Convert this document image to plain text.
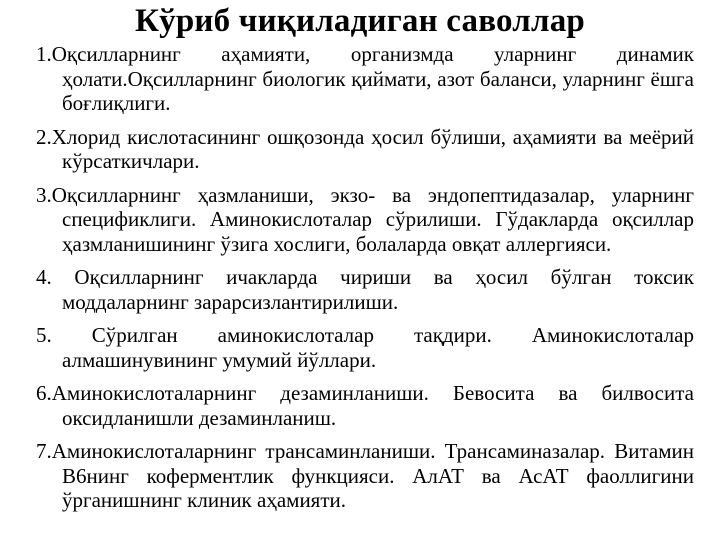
Кўриб чиқиладиган саволлар

1.Оқсилларнинг аҳамияти, организмда уларнинг динамик ҳолати.Оқсилларнинг биологик қиймати, азот баланси, уларнинг ёшга боғлиқлиги.

2.Хлорид кислотасининг ошқозонда ҳосил бўлиши, аҳамияти ва меёрий кўрсаткичлари.

3.Оқсилларнинг ҳазмланиши, экзо- ва эндопептидазалар, уларнинг спецификлиги. Аминокислоталар сўрилиши. Гўдакларда оқсиллар ҳазмланишининг ўзига хослиги, болаларда овқат аллергияси.

4. Оқсилларнинг ичакларда чириши ва ҳосил бўлган токсик моддаларнинг зарарсизлантирилиши.

5. Сўрилган аминокислоталар тақдири. Аминокислоталар алмашинувининг умумий йўллари.

6.Аминокислоталарнинг дезаминланиши. Бевосита ва билвосита оксидланишли дезаминланиш.

7.Аминокислоталарнинг трансаминланиши. Трансаминазалар. Витамин В6нинг коферментлик функцияси. АлАТ ва АсАТ фаоллигини ўрганишнинг клиник аҳамияти.
